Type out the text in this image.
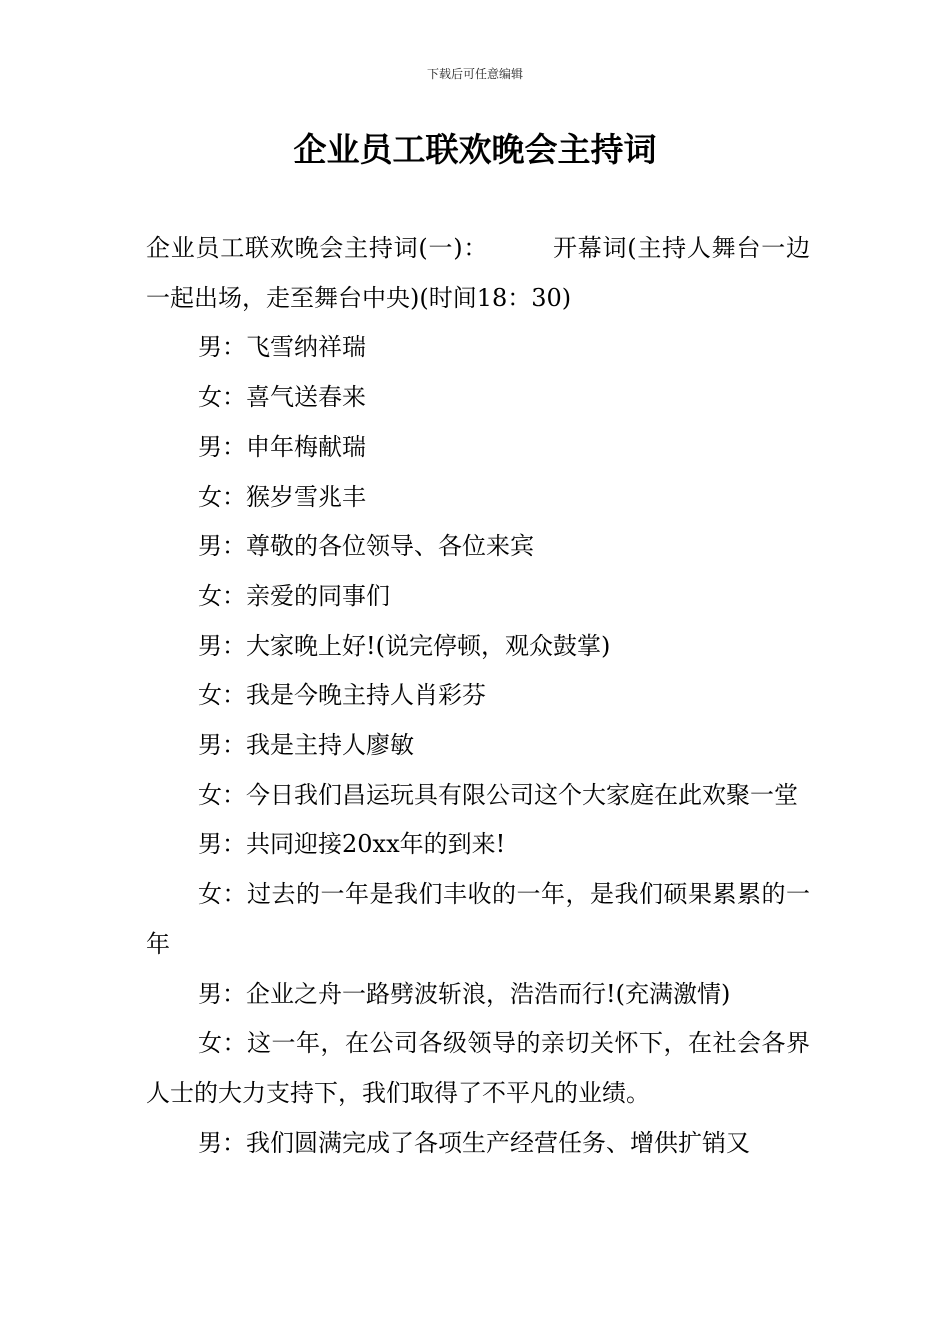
下载后可任意编辑
企业员工联欢晚会主持词

企业员工联欢晚会主持词(一)：	开幕词(主持人舞台一边一起出场，走至舞台中央)(时间18：30)

男：飞雪纳祥瑞

女：喜气送春来

男：申年梅献瑞

女：猴岁雪兆丰

男：尊敬的各位领导、各位来宾

女：亲爱的同事们

男：大家晚上好!(说完停顿，观众鼓掌)

女：我是今晚主持人肖彩芬

男：我是主持人廖敏

女：今日我们昌运玩具有限公司这个大家庭在此欢聚一堂

男：共同迎接20xx年的到来!

女：过去的一年是我们丰收的一年，是我们硕果累累的一年

男：企业之舟一路劈波斩浪，浩浩而行!(充满激情)

女：这一年，在公司各级领导的亲切关怀下，在社会各界人士的大力支持下，我们取得了不平凡的业绩。

男：我们圆满完成了各项生产经营任务、增供扩销又
